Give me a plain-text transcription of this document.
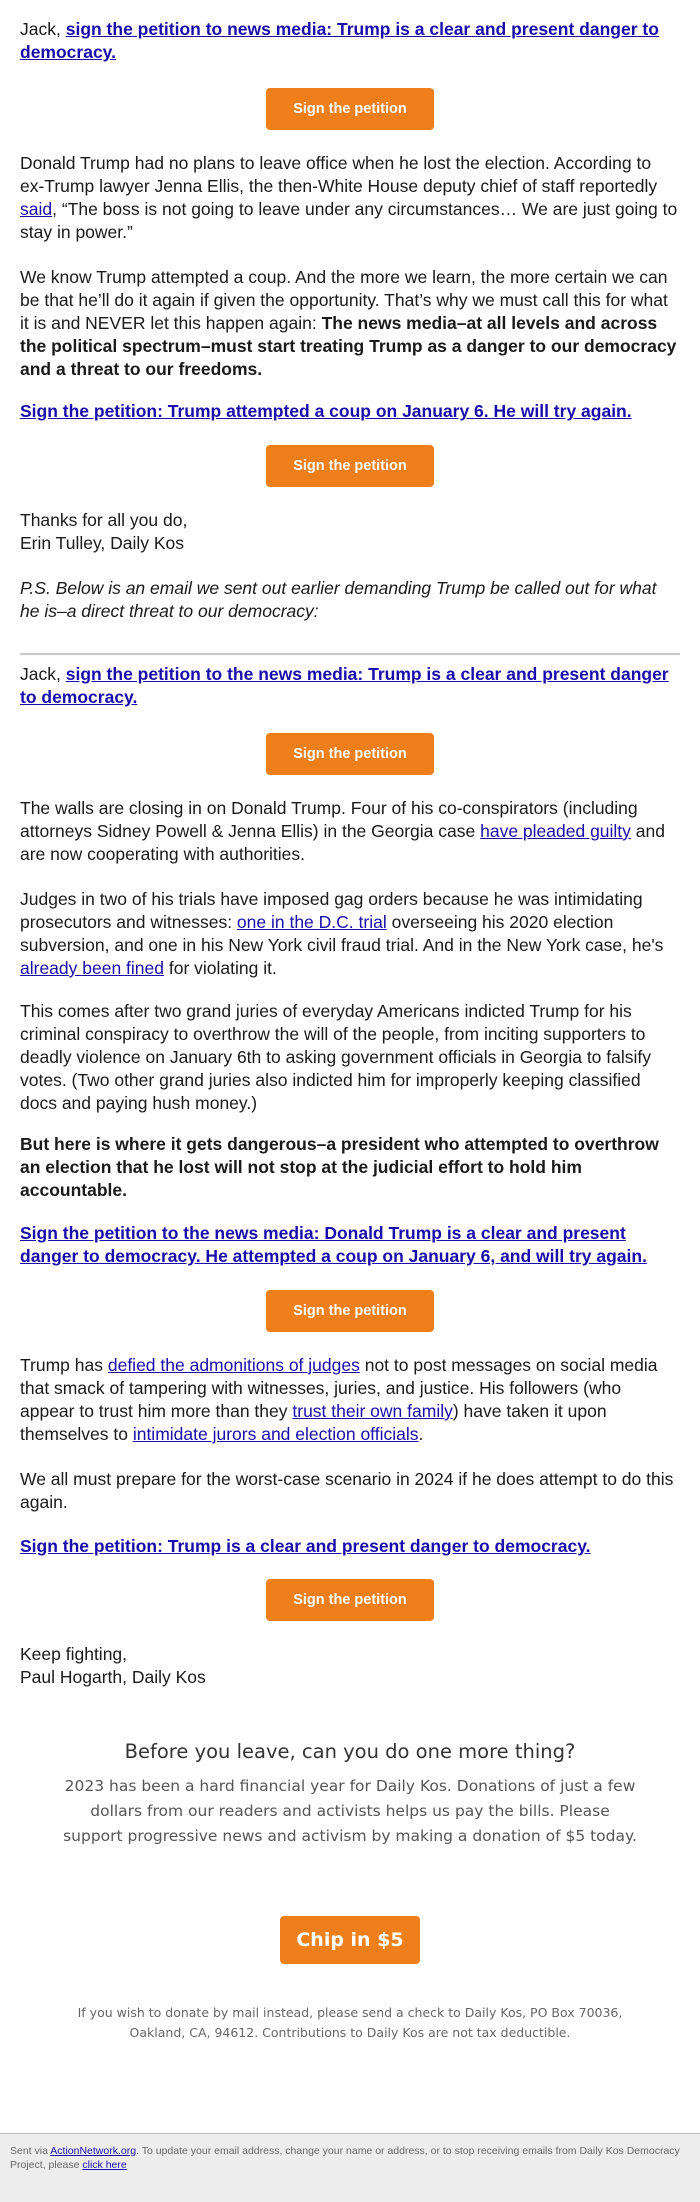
Jack, sign the petition to news media: Trump is a clear and present danger to democracy.

Sign the petition

Donald Trump had no plans to leave office when he lost the election. According to ex-Trump lawyer Jenna Ellis, the then-White House deputy chief of staff reportedly said, “The boss is not going to leave under any circumstances… We are just going to stay in power.”

We know Trump attempted a coup. And the more we learn, the more certain we can be that he’ll do it again if given the opportunity. That’s why we must call this for what it is and NEVER let this happen again: The news media–at all levels and across the political spectrum–must start treating Trump as a danger to our democracy and a threat to our freedoms.

Sign the petition: Trump attempted a coup on January 6. He will try again.

Sign the petition

Thanks for all you do,
Erin Tulley, Daily Kos

P.S. Below is an email we sent out earlier demanding Trump be called out for what he is–a direct threat to our democracy:

Jack, sign the petition to the news media: Trump is a clear and present danger to democracy.

Sign the petition

The walls are closing in on Donald Trump. Four of his co-conspirators (including attorneys Sidney Powell & Jenna Ellis) in the Georgia case have pleaded guilty and are now cooperating with authorities.

Judges in two of his trials have imposed gag orders because he was intimidating prosecutors and witnesses: one in the D.C. trial overseeing his 2020 election subversion, and one in his New York civil fraud trial. And in the New York case, he's already been fined for violating it.

This comes after two grand juries of everyday Americans indicted Trump for his criminal conspiracy to overthrow the will of the people, from inciting supporters to deadly violence on January 6th to asking government officials in Georgia to falsify votes. (Two other grand juries also indicted him for improperly keeping classified docs and paying hush money.)

But here is where it gets dangerous–a president who attempted to overthrow an election that he lost will not stop at the judicial effort to hold him accountable.

Sign the petition to the news media: Donald Trump is a clear and present danger to democracy. He attempted a coup on January 6, and will try again.

Sign the petition

Trump has defied the admonitions of judges not to post messages on social media that smack of tampering with witnesses, juries, and justice. His followers (who appear to trust him more than they trust their own family) have taken it upon themselves to intimidate jurors and election officials.

We all must prepare for the worst-case scenario in 2024 if he does attempt to do this again.

Sign the petition: Trump is a clear and present danger to democracy.

Sign the petition

Keep fighting,
Paul Hogarth, Daily Kos

Before you leave, can you do one more thing?
2023 has been a hard financial year for Daily Kos. Donations of just a few dollars from our readers and activists helps us pay the bills. Please support progressive news and activism by making a donation of $5 today.
Chip in $5
If you wish to donate by mail instead, please send a check to Daily Kos, PO Box 70036, Oakland, CA, 94612. Contributions to Daily Kos are not tax deductible.

Sent via ActionNetwork.org. To update your email address, change your name or address, or to stop receiving emails from Daily Kos Democracy Project, please click here
